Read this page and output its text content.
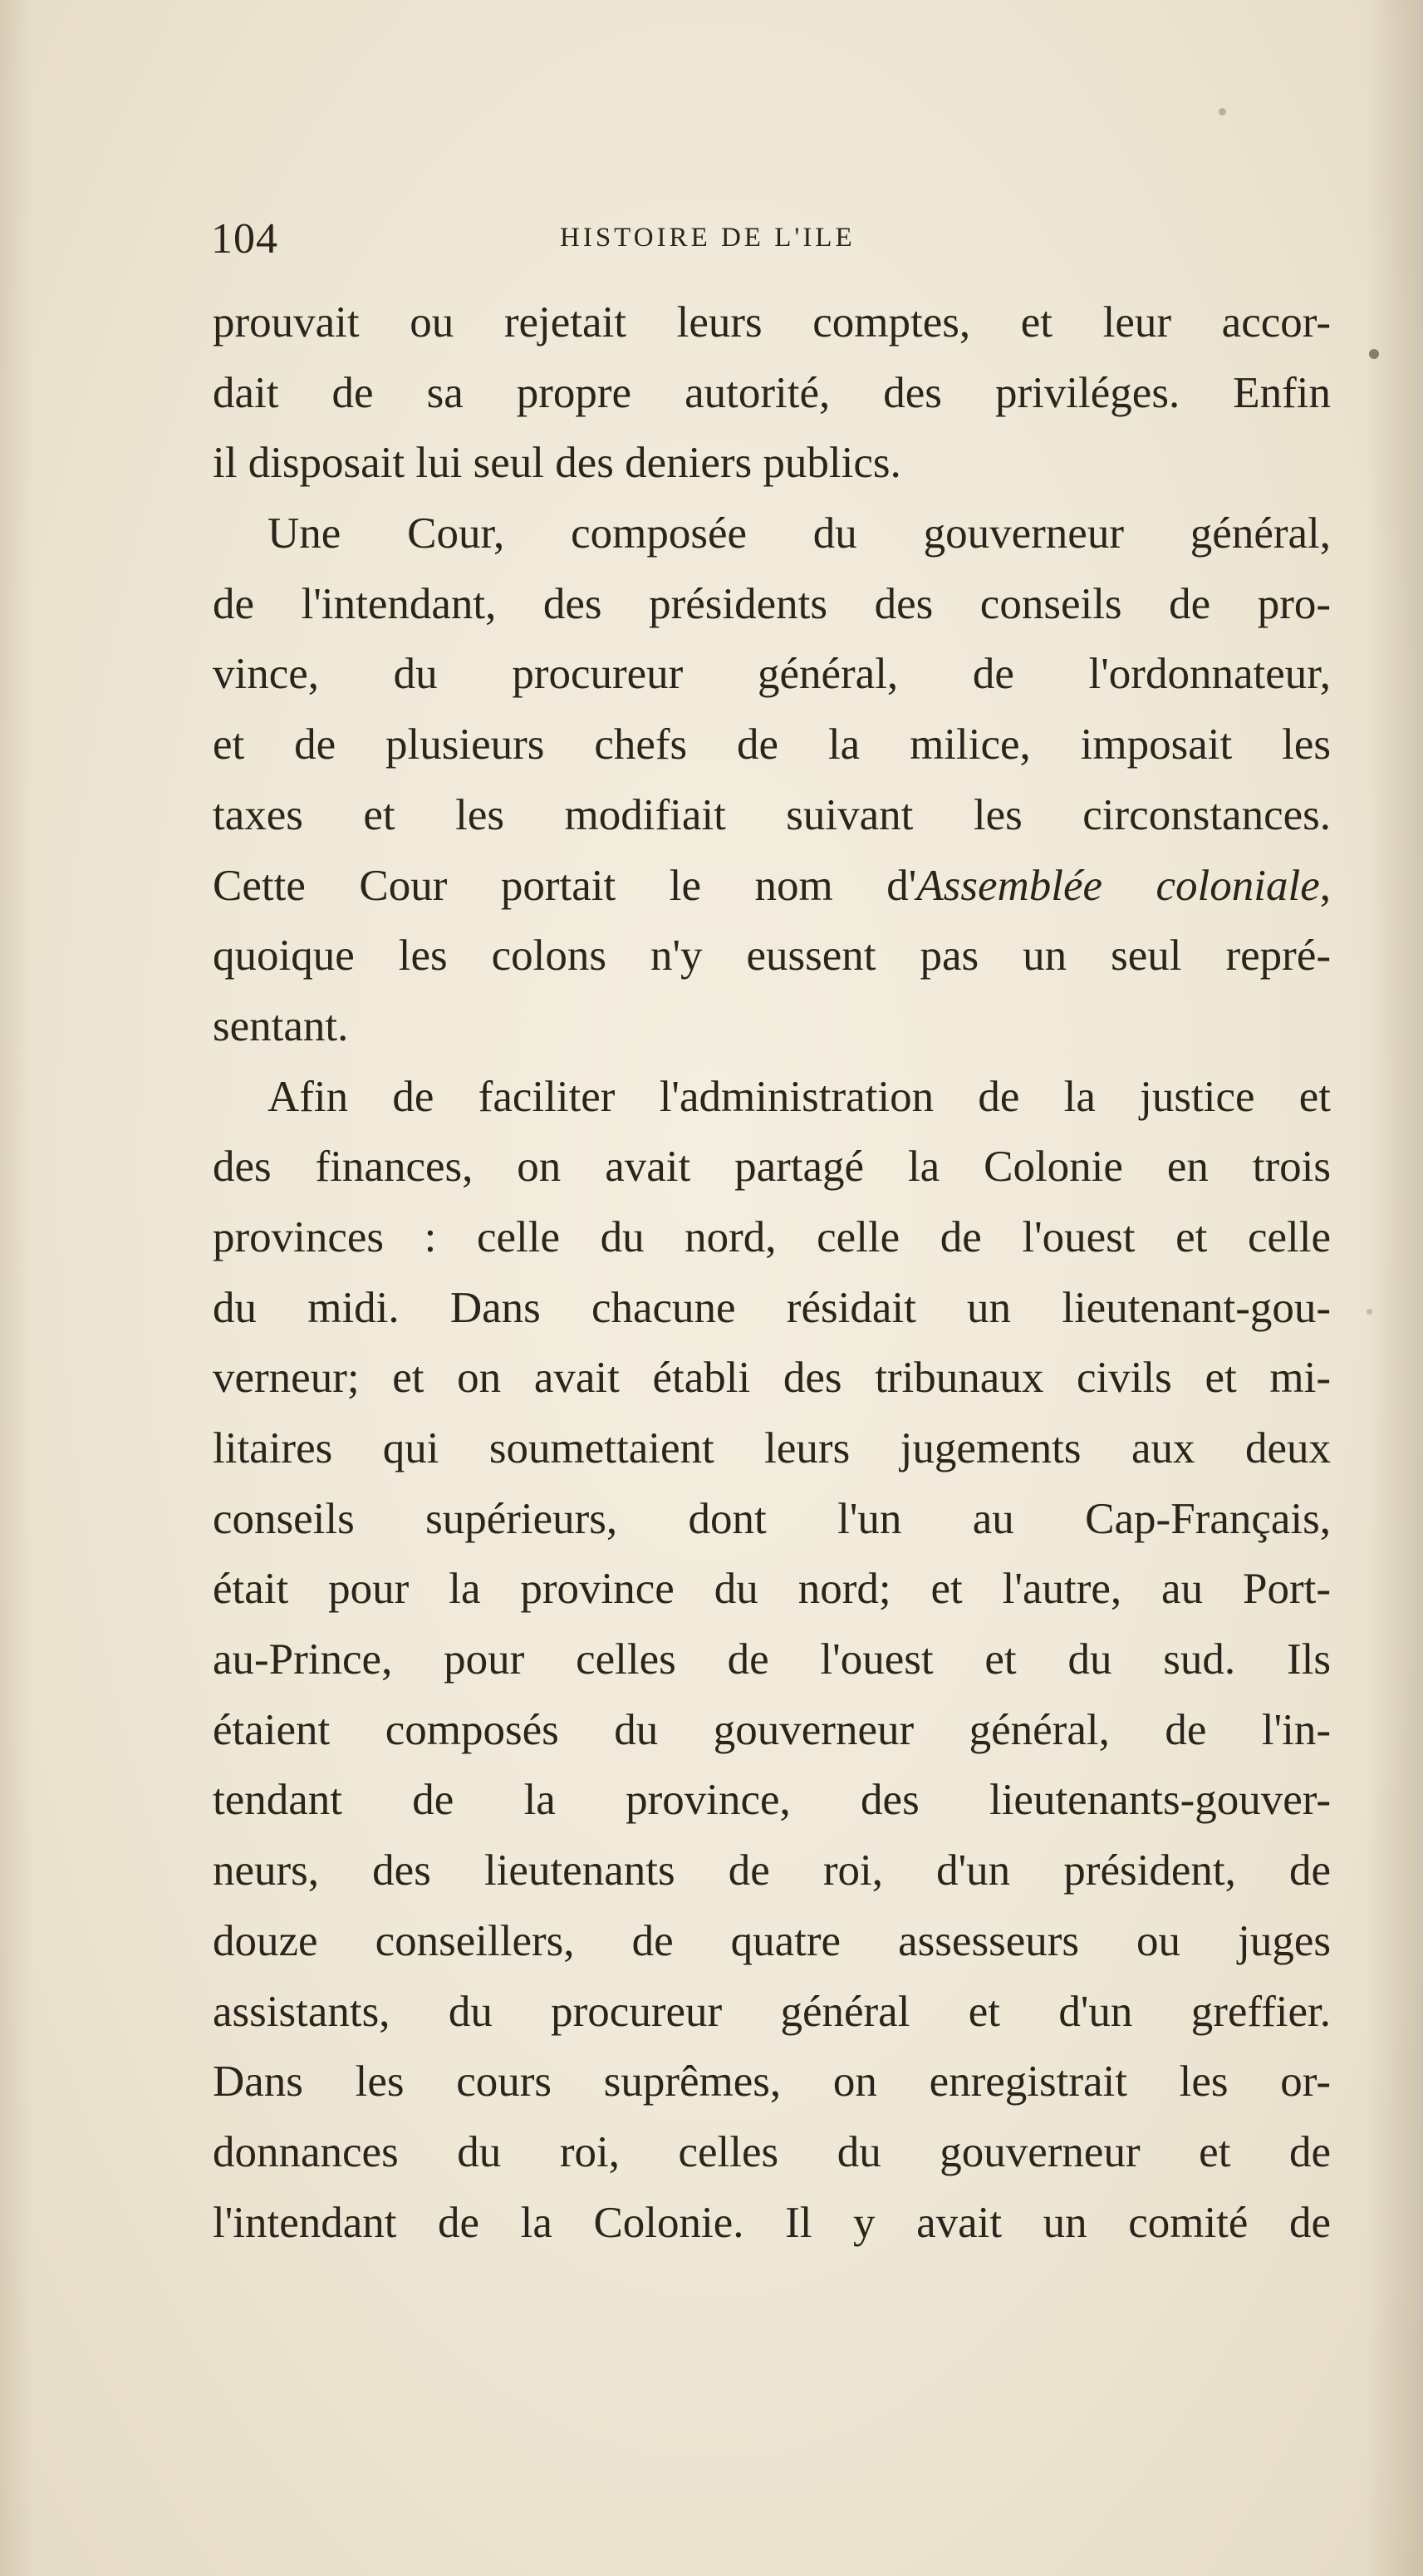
104	HISTOIRE DE L'ILE
prouvait ou rejetait leurs comptes, et leur accor-
dait de sa propre autorité, des priviléges. Enfin
il disposait lui seul des deniers publics.
Une Cour, composée du gouverneur général,
de l'intendant, des présidents des conseils de pro-
vince, du procureur général, de l'ordonnateur,
et de plusieurs chefs de la milice, imposait les
taxes et les modifiait suivant les circonstances.
Cette Cour portait le nom d'Assemblée coloniale,
quoique les colons n'y eussent pas un seul repré-
sentant.
Afin de faciliter l'administration de la justice et
des finances, on avait partagé la Colonie en trois
provinces : celle du nord, celle de l'ouest et celle
du midi. Dans chacune résidait un lieutenant-gou-
verneur; et on avait établi des tribunaux civils et mi-
litaires qui soumettaient leurs jugements aux deux
conseils supérieurs, dont l'un au Cap-Français,
était pour la province du nord; et l'autre, au Port-
au-Prince, pour celles de l'ouest et du sud. Ils
étaient composés du gouverneur général, de l'in-
tendant de la province, des lieutenants-gouver-
neurs, des lieutenants de roi, d'un président, de
douze conseillers, de quatre assesseurs ou juges
assistants, du procureur général et d'un greffier.
Dans les cours suprêmes, on enregistrait les or-
donnances du roi, celles du gouverneur et de
l'intendant de la Colonie. Il y avait un comité de
